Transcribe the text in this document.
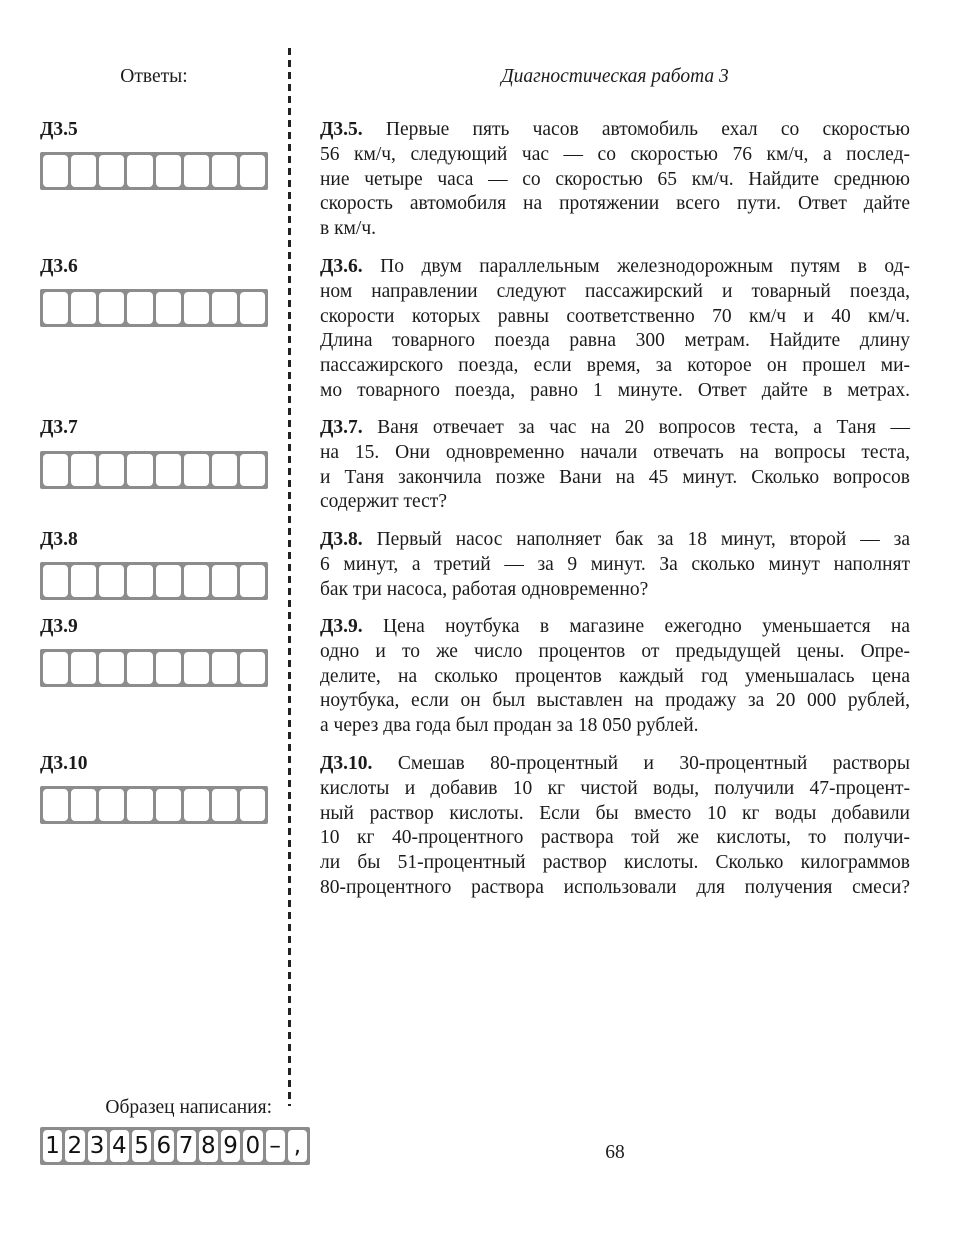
Ответы:	Диагностическая работа 3
Д3.5	Д3.5. Первые пять часов автомобиль ехал со скоростью
56 км/ч, следующий час — со скоростью 76 км/ч, а послед-
ние четыре часа — со скоростью 65 км/ч. Найдите среднюю
скорость автомобиля на протяжении всего пути. Ответ дайте
в км/ч.
Д3.6	Д3.6. По двум параллельным железнодорожным путям в од-
ном направлении следуют пассажирский и товарный поезда,
скорости которых равны соответственно 70 км/ч и 40 км/ч.
Длина товарного поезда равна 300 метрам. Найдите длину
пассажирского поезда, если время, за которое он прошел ми-
мо товарного поезда, равно 1 минуте. Ответ дайте в метрах.
Д3.7	Д3.7. Ваня отвечает за час на 20 вопросов теста, а Таня —
на 15. Они одновременно начали отвечать на вопросы теста,
и Таня закончила позже Вани на 45 минут. Сколько вопросов
содержит тест?
Д3.8	Д3.8. Первый насос наполняет бак за 18 минут, второй — за
6 минут, а третий — за 9 минут. За сколько минут наполнят
бак три насоса, работая одновременно?
Д3.9	Д3.9. Цена ноутбука в магазине ежегодно уменьшается на
одно и то же число процентов от предыдущей цены. Опре-
делите, на сколько процентов каждый год уменьшалась цена
ноутбука, если он был выставлен на продажу за 20 000 рублей,
а через два года был продан за 18 050 рублей.
Д3.10	Д3.10. Смешав 80-процентный и 30-процентный растворы
кислоты и добавив 10 кг чистой воды, получили 47-процент-
ный раствор кислоты. Если бы вместо 10 кг воды добавили
10 кг 40-процентного раствора той же кислоты, то получи-
ли бы 51-процентный раствор кислоты. Сколько килограммов
80-процентного раствора использовали для получения смеси?
Образец написания:
1 2 3 4 5 6 7 8 9 0 – ,	68
